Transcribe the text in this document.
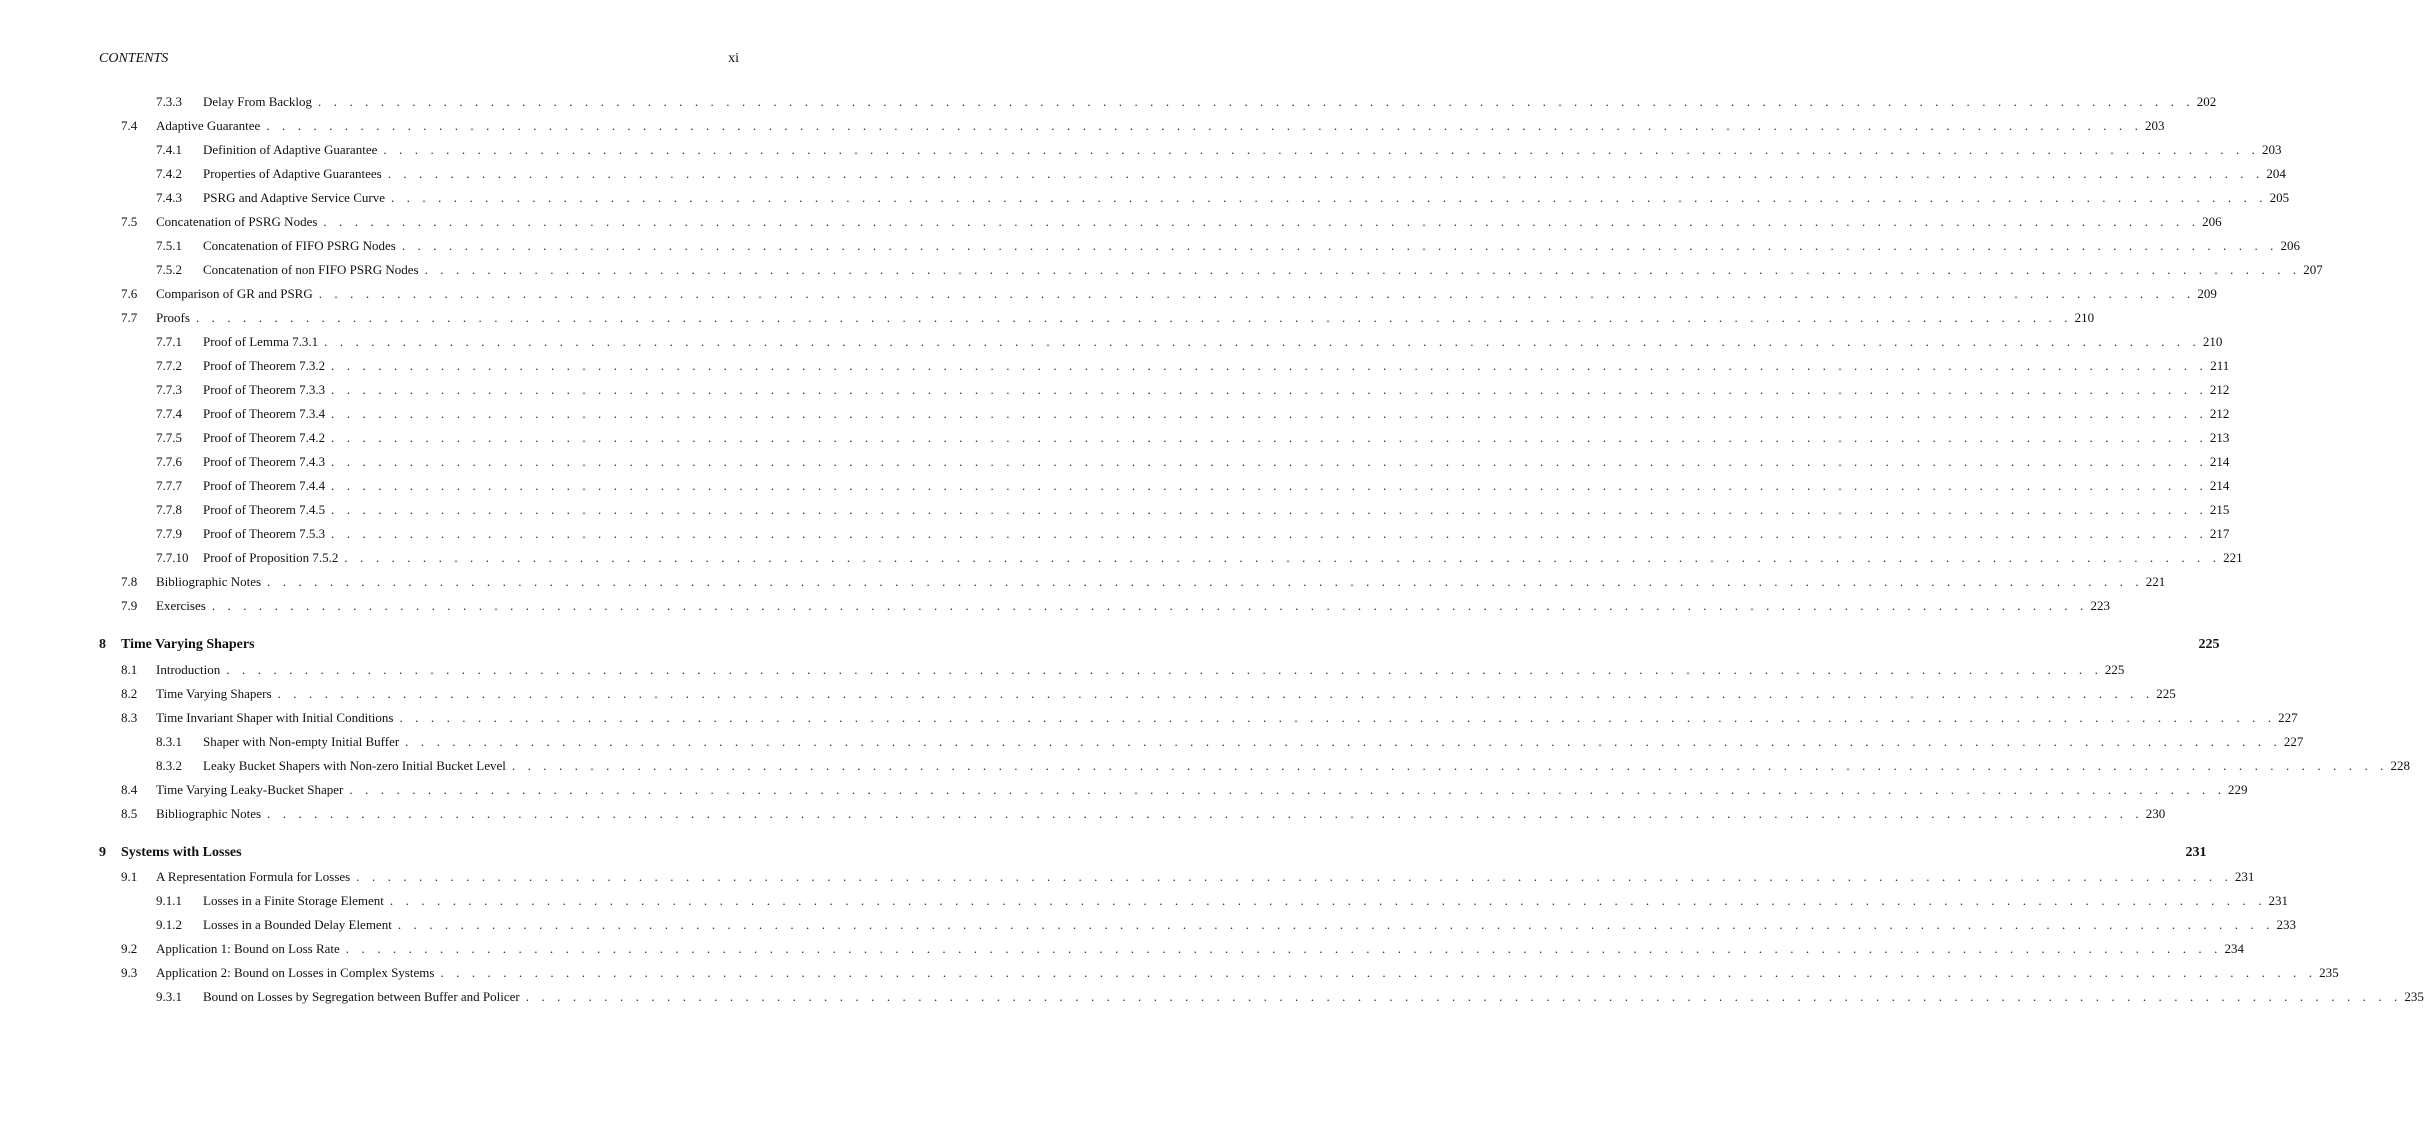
CONTENTS	xi
7.3.3 Delay From Backlog . . . . . . . . . . . . . . . . . . . . . . . . . . . . . . . . . . . . . . . . . . . . . . . . . . . . . . . . . . . . . . . . . . . . . . . . . . . . . . . . . . . . . . . . . . . . . . . . . . . . . . . . . . . . . . . . . . . . . . . . 202
7.4 Adaptive Guarantee . . . . . . . . . . . . . . . . . . . . . . . . . . . . . . . . . . . . . . . . . . . . . . . . . . . . . . . . . . . . . . . . . . . . . . . . . . . . . . . . . . . . . . . . . . . . . . . . . . . . . . . . . . . . . . . . . . . . . . . . 203
7.4.1 Definition of Adaptive Guarantee . . . . . . . . . . . . . . . . . . . . . . . . . . . . . . . . . . . . . . . . . . . . . . . . . . . . . . . . . . . . . . . . . . . . . . . . . . . . . . . . . . . . . . . . . . . . . . . . . . . . . . . . . . . . . . . . . . . . . . . . 203
7.4.2 Properties of Adaptive Guarantees . . . . . . . . . . . . . . . . . . . . . . . . . . . . . . . . . . . . . . . . . . . . . . . . . . . . . . . . . . . . . . . . . . . . . . . . . . . . . . . . . . . . . . . . . . . . . . . . . . . . . . . . . . . . . . . . . . . . . . . . 204
7.4.3 PSRG and Adaptive Service Curve . . . . . . . . . . . . . . . . . . . . . . . . . . . . . . . . . . . . . . . . . . . . . . . . . . . . . . . . . . . . . . . . . . . . . . . . . . . . . . . . . . . . . . . . . . . . . . . . . . . . . . . . . . . . . . . . . . . . . . . . 205
7.5 Concatenation of PSRG Nodes . . . . . . . . . . . . . . . . . . . . . . . . . . . . . . . . . . . . . . . . . . . . . . . . . . . . . . . . . . . . . . . . . . . . . . . . . . . . . . . . . . . . . . . . . . . . . . . . . . . . . . . . . . . . . . . . . . . . . . . . 206
7.5.1 Concatenation of FIFO PSRG Nodes . . . . . . . . . . . . . . . . . . . . . . . . . . . . . . . . . . . . . . . . . . . . . . . . . . . . . . . . . . . . . . . . . . . . . . . . . . . . . . . . . . . . . . . . . . . . . . . . . . . . . . . . . . . . . . . . . . . . . . . . 206
7.5.2 Concatenation of non FIFO PSRG Nodes . . . . . . . . . . . . . . . . . . . . . . . . . . . . . . . . . . . . . . . . . . . . . . . . . . . . . . . . . . . . . . . . . . . . . . . . . . . . . . . . . . . . . . . . . . . . . . . . . . . . . . . . . . . . . . . . . . . . . . . . 207
7.6 Comparison of GR and PSRG . . . . . . . . . . . . . . . . . . . . . . . . . . . . . . . . . . . . . . . . . . . . . . . . . . . . . . . . . . . . . . . . . . . . . . . . . . . . . . . . . . . . . . . . . . . . . . . . . . . . . . . . . . . . . . . . . . . . . . . . 209
7.7 Proofs . . . . . . . . . . . . . . . . . . . . . . . . . . . . . . . . . . . . . . . . . . . . . . . . . . . . . . . . . . . . . . . . . . . . . . . . . . . . . . . . . . . . . . . . . . . . . . . . . . . . . . . . . . . . . . . . . . . . . . . . 210
7.7.1 Proof of Lemma 7.3.1 . . . . . . . . . . . . . . . . . . . . . . . . . . . . . . . . . . . . . . . . . . . . . . . . . . . . . . . . . . . . . . . . . . . . . . . . . . . . . . . . . . . . . . . . . . . . . . . . . . . . . . . . . . . . . . . . . . . . . . . . 210
7.7.2 Proof of Theorem 7.3.2 . . . . . . . . . . . . . . . . . . . . . . . . . . . . . . . . . . . . . . . . . . . . . . . . . . . . . . . . . . . . . . . . . . . . . . . . . . . . . . . . . . . . . . . . . . . . . . . . . . . . . . . . . . . . . . . . . . . . . . . . 211
7.7.3 Proof of Theorem 7.3.3 . . . . . . . . . . . . . . . . . . . . . . . . . . . . . . . . . . . . . . . . . . . . . . . . . . . . . . . . . . . . . . . . . . . . . . . . . . . . . . . . . . . . . . . . . . . . . . . . . . . . . . . . . . . . . . . . . . . . . . . . 212
7.7.4 Proof of Theorem 7.3.4 . . . . . . . . . . . . . . . . . . . . . . . . . . . . . . . . . . . . . . . . . . . . . . . . . . . . . . . . . . . . . . . . . . . . . . . . . . . . . . . . . . . . . . . . . . . . . . . . . . . . . . . . . . . . . . . . . . . . . . . . 212
7.7.5 Proof of Theorem 7.4.2 . . . . . . . . . . . . . . . . . . . . . . . . . . . . . . . . . . . . . . . . . . . . . . . . . . . . . . . . . . . . . . . . . . . . . . . . . . . . . . . . . . . . . . . . . . . . . . . . . . . . . . . . . . . . . . . . . . . . . . . . 213
7.7.6 Proof of Theorem 7.4.3 . . . . . . . . . . . . . . . . . . . . . . . . . . . . . . . . . . . . . . . . . . . . . . . . . . . . . . . . . . . . . . . . . . . . . . . . . . . . . . . . . . . . . . . . . . . . . . . . . . . . . . . . . . . . . . . . . . . . . . . . 214
7.7.7 Proof of Theorem 7.4.4 . . . . . . . . . . . . . . . . . . . . . . . . . . . . . . . . . . . . . . . . . . . . . . . . . . . . . . . . . . . . . . . . . . . . . . . . . . . . . . . . . . . . . . . . . . . . . . . . . . . . . . . . . . . . . . . . . . . . . . . . 214
7.7.8 Proof of Theorem 7.4.5 . . . . . . . . . . . . . . . . . . . . . . . . . . . . . . . . . . . . . . . . . . . . . . . . . . . . . . . . . . . . . . . . . . . . . . . . . . . . . . . . . . . . . . . . . . . . . . . . . . . . . . . . . . . . . . . . . . . . . . . . 215
7.7.9 Proof of Theorem 7.5.3 . . . . . . . . . . . . . . . . . . . . . . . . . . . . . . . . . . . . . . . . . . . . . . . . . . . . . . . . . . . . . . . . . . . . . . . . . . . . . . . . . . . . . . . . . . . . . . . . . . . . . . . . . . . . . . . . . . . . . . . . 217
7.7.10 Proof of Proposition 7.5.2 . . . . . . . . . . . . . . . . . . . . . . . . . . . . . . . . . . . . . . . . . . . . . . . . . . . . . . . . . . . . . . . . . . . . . . . . . . . . . . . . . . . . . . . . . . . . . . . . . . . . . . . . . . . . . . . . . . . . . . . . 221
7.8 Bibliographic Notes . . . . . . . . . . . . . . . . . . . . . . . . . . . . . . . . . . . . . . . . . . . . . . . . . . . . . . . . . . . . . . . . . . . . . . . . . . . . . . . . . . . . . . . . . . . . . . . . . . . . . . . . . . . . . . . . . . . . . . . . 221
7.9 Exercises . . . . . . . . . . . . . . . . . . . . . . . . . . . . . . . . . . . . . . . . . . . . . . . . . . . . . . . . . . . . . . . . . . . . . . . . . . . . . . . . . . . . . . . . . . . . . . . . . . . . . . . . . . . . . . . . . . . . . . . . 223
8 Time Varying Shapers	225
8.1 Introduction . . . . . . . . . . . . . . . . . . . . . . . . . . . . . . . . . . . . . . . . . . . . . . . . . . . . . . . . . . . . . . . . . . . . . . . . . . . . . . . . . . . . . . . . . . . . . . . . . . . . . . . . . . . . . . . . . . . . . . . . 225
8.2 Time Varying Shapers . . . . . . . . . . . . . . . . . . . . . . . . . . . . . . . . . . . . . . . . . . . . . . . . . . . . . . . . . . . . . . . . . . . . . . . . . . . . . . . . . . . . . . . . . . . . . . . . . . . . . . . . . . . . . . . . . . . . . . . . 225
8.3 Time Invariant Shaper with Initial Conditions . . . . . . . . . . . . . . . . . . . . . . . . . . . . . . . . . . . . . . . . . . . . . . . . . . . . . . . . . . . . . . . . . . . . . . . . . . . . . . . . . . . . . . . . . . . . . . . . . . . . . . . . . . . . . . . . . . . . . . . . 227
8.3.1 Shaper with Non-empty Initial Buffer . . . . . . . . . . . . . . . . . . . . . . . . . . . . . . . . . . . . . . . . . . . . . . . . . . . . . . . . . . . . . . . . . . . . . . . . . . . . . . . . . . . . . . . . . . . . . . . . . . . . . . . . . . . . . . . . . . . . . . . . 227
8.3.2 Leaky Bucket Shapers with Non-zero Initial Bucket Level . . . . . . . . . . . . . . . . . . . . . . . . . . . . . . . . . . . . . . . . . . . . . . . . . . . . . . . . . . . . . . . . . . . . . . . . . . . . . . . . . . . . . . . . . . . . . . . . . . . . . . . . . . . . . . . . . . . . . . . . 228
8.4 Time Varying Leaky-Bucket Shaper . . . . . . . . . . . . . . . . . . . . . . . . . . . . . . . . . . . . . . . . . . . . . . . . . . . . . . . . . . . . . . . . . . . . . . . . . . . . . . . . . . . . . . . . . . . . . . . . . . . . . . . . . . . . . . . . . . . . . . . . 229
8.5 Bibliographic Notes . . . . . . . . . . . . . . . . . . . . . . . . . . . . . . . . . . . . . . . . . . . . . . . . . . . . . . . . . . . . . . . . . . . . . . . . . . . . . . . . . . . . . . . . . . . . . . . . . . . . . . . . . . . . . . . . . . . . . . . . 230
9 Systems with Losses	231
9.1 A Representation Formula for Losses . . . . . . . . . . . . . . . . . . . . . . . . . . . . . . . . . . . . . . . . . . . . . . . . . . . . . . . . . . . . . . . . . . . . . . . . . . . . . . . . . . . . . . . . . . . . . . . . . . . . . . . . . . . . . . . . . . . . . . . . 231
9.1.1 Losses in a Finite Storage Element . . . . . . . . . . . . . . . . . . . . . . . . . . . . . . . . . . . . . . . . . . . . . . . . . . . . . . . . . . . . . . . . . . . . . . . . . . . . . . . . . . . . . . . . . . . . . . . . . . . . . . . . . . . . . . . . . . . . . . . . 231
9.1.2 Losses in a Bounded Delay Element . . . . . . . . . . . . . . . . . . . . . . . . . . . . . . . . . . . . . . . . . . . . . . . . . . . . . . . . . . . . . . . . . . . . . . . . . . . . . . . . . . . . . . . . . . . . . . . . . . . . . . . . . . . . . . . . . . . . . . . . 233
9.2 Application 1: Bound on Loss Rate . . . . . . . . . . . . . . . . . . . . . . . . . . . . . . . . . . . . . . . . . . . . . . . . . . . . . . . . . . . . . . . . . . . . . . . . . . . . . . . . . . . . . . . . . . . . . . . . . . . . . . . . . . . . . . . . . . . . . . . . 234
9.3 Application 2: Bound on Losses in Complex Systems . . . . . . . . . . . . . . . . . . . . . . . . . . . . . . . . . . . . . . . . . . . . . . . . . . . . . . . . . . . . . . . . . . . . . . . . . . . . . . . . . . . . . . . . . . . . . . . . . . . . . . . . . . . . . . . . . . . . . . . . 235
9.3.1 Bound on Losses by Segregation between Buffer and Policer . . . . . . . . . . . . . . . . . . . . . . . . . . . . . . . . . . . . . . . . . . . . . . . . . . . . . . . . . . . . . . . . . . . . . . . . . . . . . . . . . . . . . . . . . . . . . . . . . . . . . . . . . . . . . . . . . . . . . . . . 235
